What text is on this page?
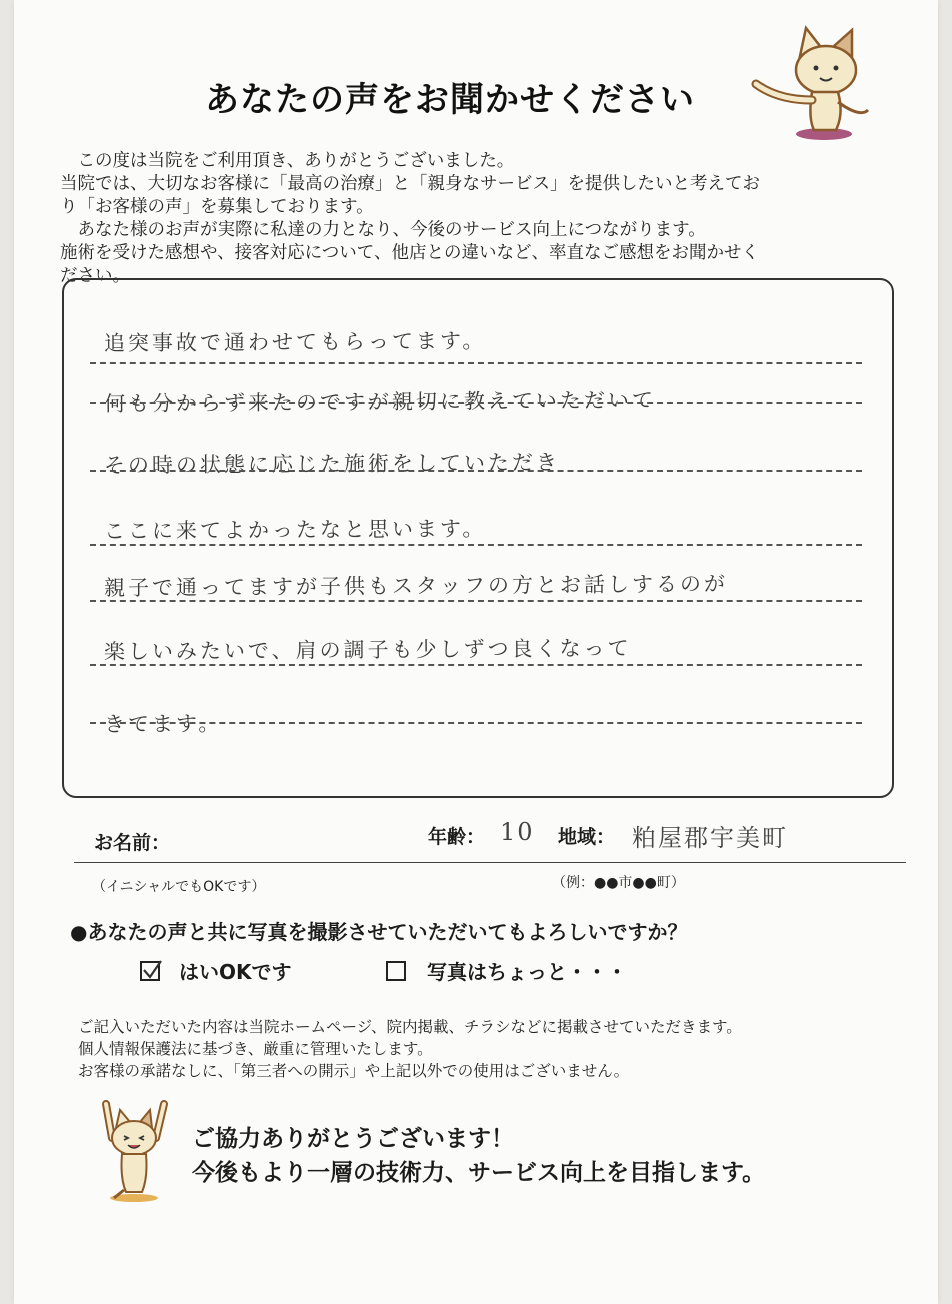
あなたの声をお聞かせください
　この度は当院をご利用頂き、ありがとうございました。
当院では、大切なお客様に「最高の治療」と「親身なサービス」を提供したいと考えてお
り「お客様の声」を募集しております。
　あなた様のお声が実際に私達の力となり、今後のサービス向上につながります。
施術を受けた感想や、接客対応について、他店との違いなど、率直なご感想をお聞かせく
ださい。
追突事故で通わせてもらってます。
何も分からず来たのですが親切に教えていただいて
その時の状態に応じた施術をしていただき
ここに来てよかったなと思います。
親子で通ってますが子供もスタッフの方とお話しするのが
楽しいみたいで、肩の調子も少しずつ良くなって
きてます。
お名前：	年齢： 10 地域： 粕屋郡宇美町
（イニシャルでもOKです）	（例：●●市●●町）
●あなたの声と共に写真を撮影させていただいてもよろしいですか？
はいOKです	写真はちょっと・・・
ご記入いただいた内容は当院ホームページ、院内掲載、チラシなどに掲載させていただきます。
個人情報保護法に基づき、厳重に管理いたします。
お客様の承諾なしに、「第三者への開示」や上記以外での使用はございません。
ご協力ありがとうございます！
今後もより一層の技術力、サービス向上を目指します。
